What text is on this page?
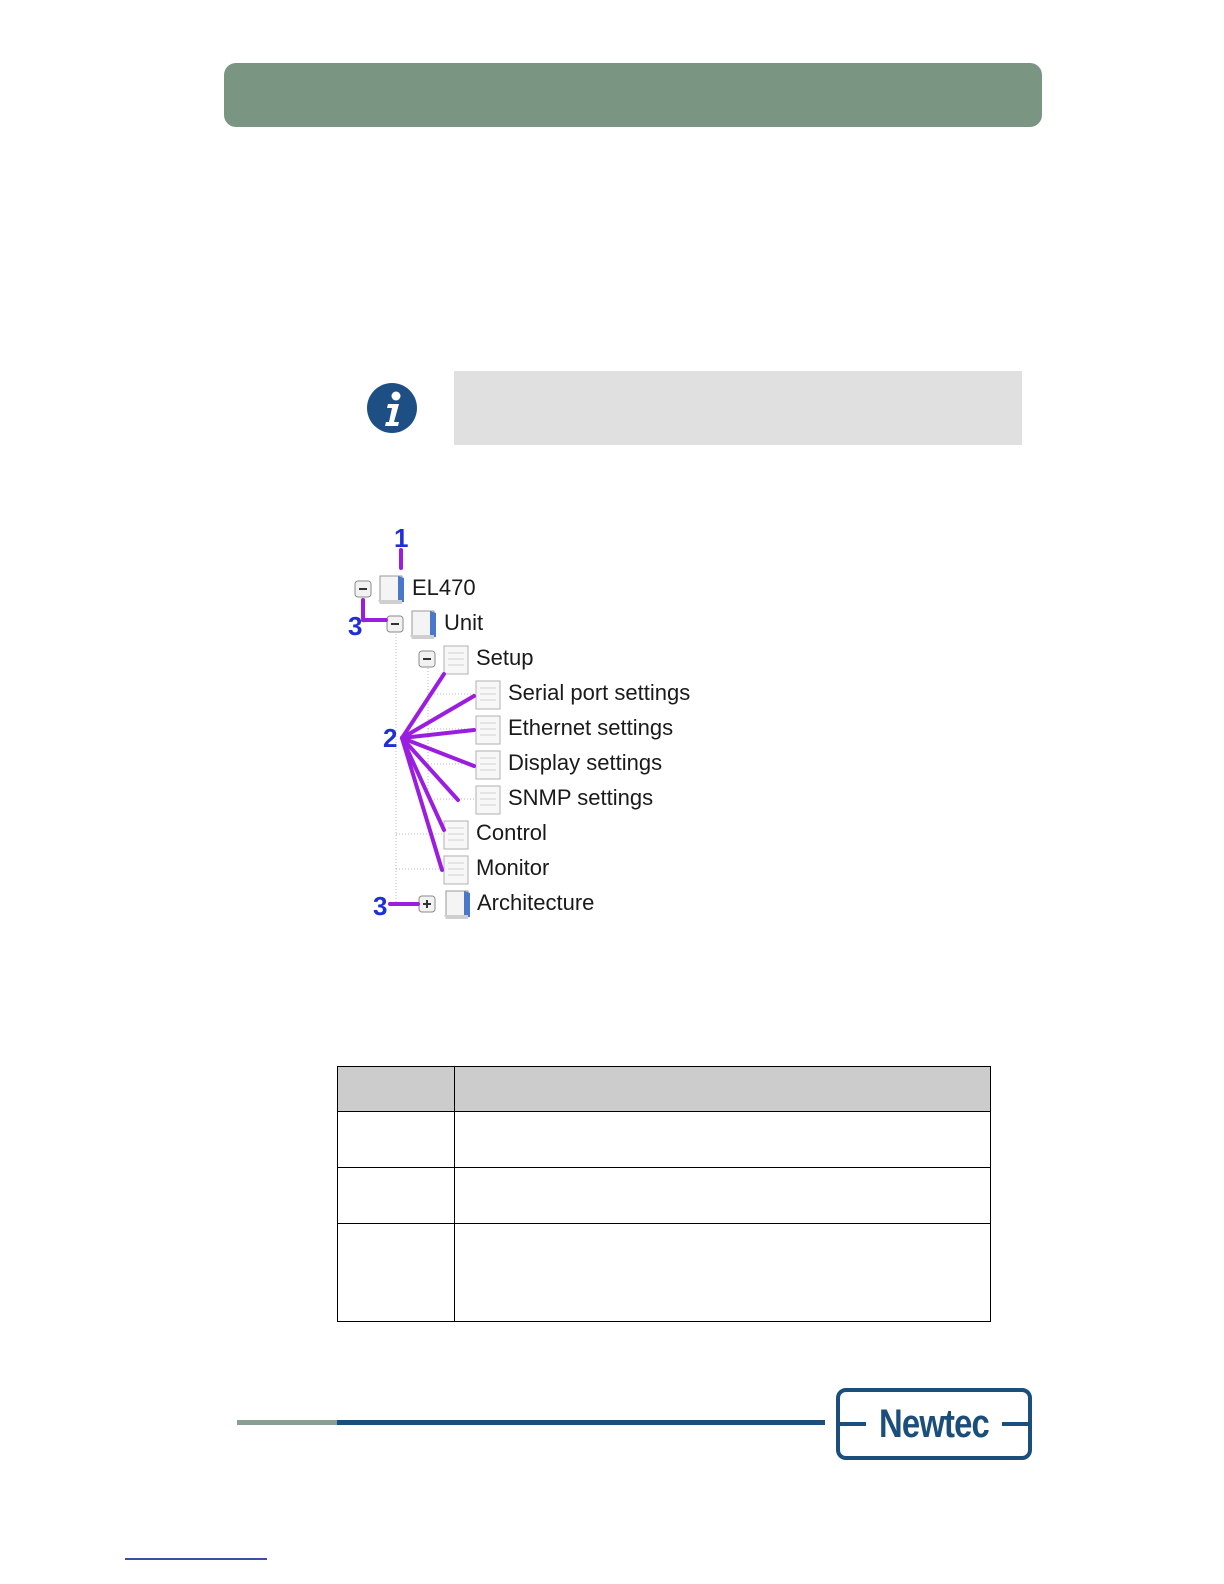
1
3
2
3
EL470
Unit
Setup
Serial port settings
Ethernet settings
Display settings
SNMP settings
Control
Monitor
Architecture

Newtec
